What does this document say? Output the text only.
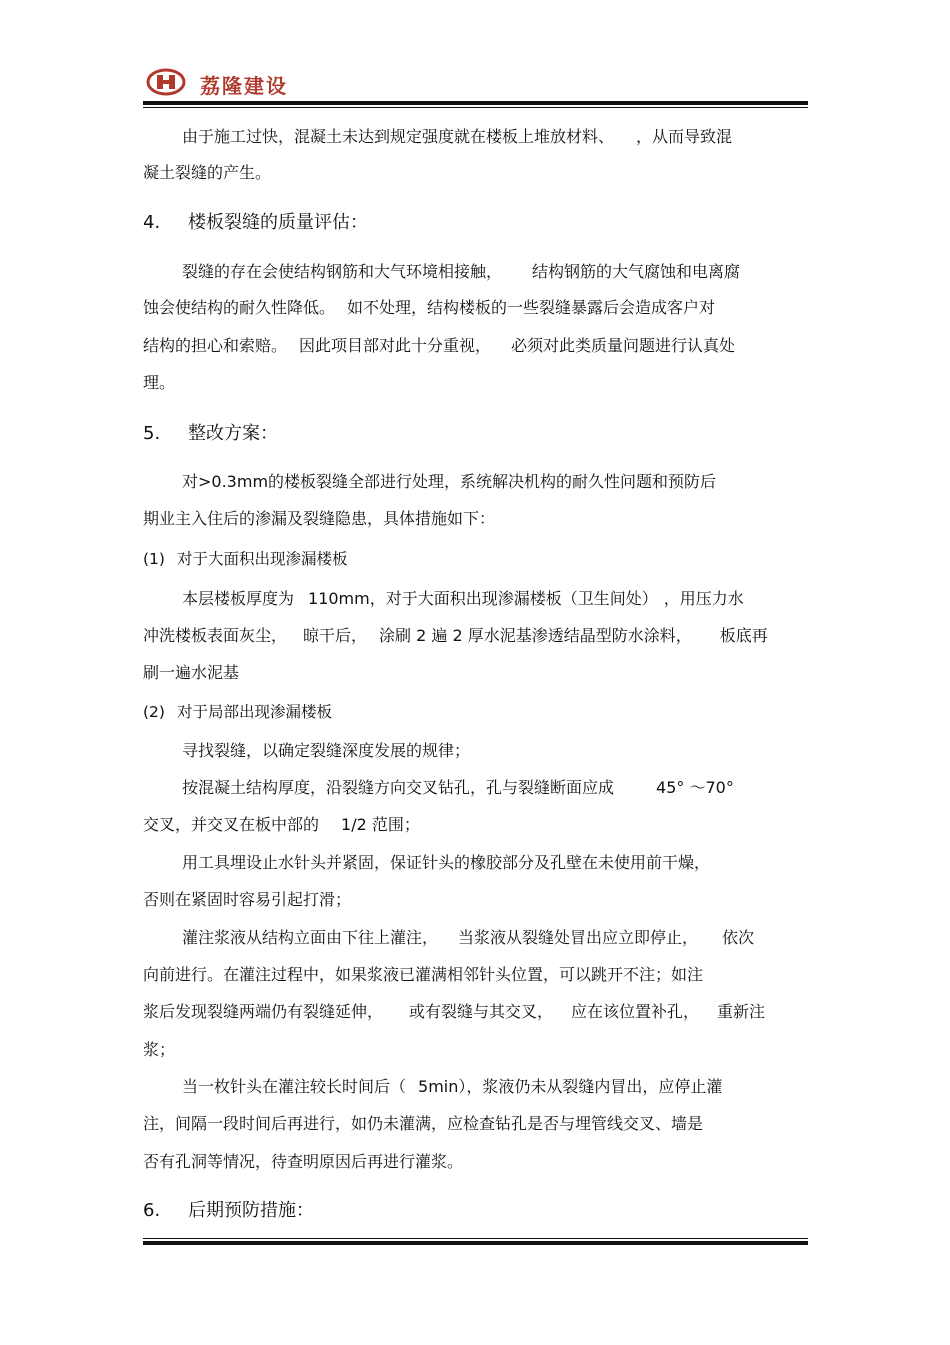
荔隆建设
由于施工过快，混凝土未达到规定强度就在楼板上堆放材料、 ，从而导致混
凝土裂缝的产生。
4. 楼板裂缝的质量评估：
裂缝的存在会使结构钢筋和大气环境相接触， 结构钢筋的大气腐蚀和电离腐
蚀会使结构的耐久性降低。 如不处理，结构楼板的一些裂缝暴露后会造成客户对
结构的担心和索赔。 因此项目部对此十分重视， 必须对此类质量问题进行认真处
理。
5. 整改方案：
对>0.3mm的楼板裂缝全部进行处理，系统解决机构的耐久性问题和预防后
期业主入住后的渗漏及裂缝隐患，具体措施如下：
(1) 对于大面积出现渗漏楼板
本层楼板厚度为 110mm，对于大面积出现渗漏楼板（卫生间处） ，用压力水
冲洗楼板表面灰尘， 晾干后， 涂刷 2 遍 2 厚水泥基渗透结晶型防水涂料， 板底再
刷一遍水泥基
(2) 对于局部出现渗漏楼板
寻找裂缝，以确定裂缝深度发展的规律；
按混凝土结构厚度，沿裂缝方向交叉钻孔，孔与裂缝断面应成	45° ～70°
交叉，并交叉在板中部的 1/2 范围；
用工具埋设止水针头并紧固，保证针头的橡胶部分及孔壁在未使用前干燥，
否则在紧固时容易引起打滑；
灌注浆液从结构立面由下往上灌注， 当浆液从裂缝处冒出应立即停止， 依次
向前进行。在灌注过程中，如果浆液已灌满相邻针头位置，可以跳开不注；如注
浆后发现裂缝两端仍有裂缝延伸， 或有裂缝与其交叉， 应在该位置补孔， 重新注
浆；
当一枚针头在灌注较长时间后（ 5min），浆液仍未从裂缝内冒出，应停止灌
注，间隔一段时间后再进行，如仍未灌满，应检查钻孔是否与埋管线交叉、墙是
否有孔洞等情况，待查明原因后再进行灌浆。
6. 后期预防措施：
